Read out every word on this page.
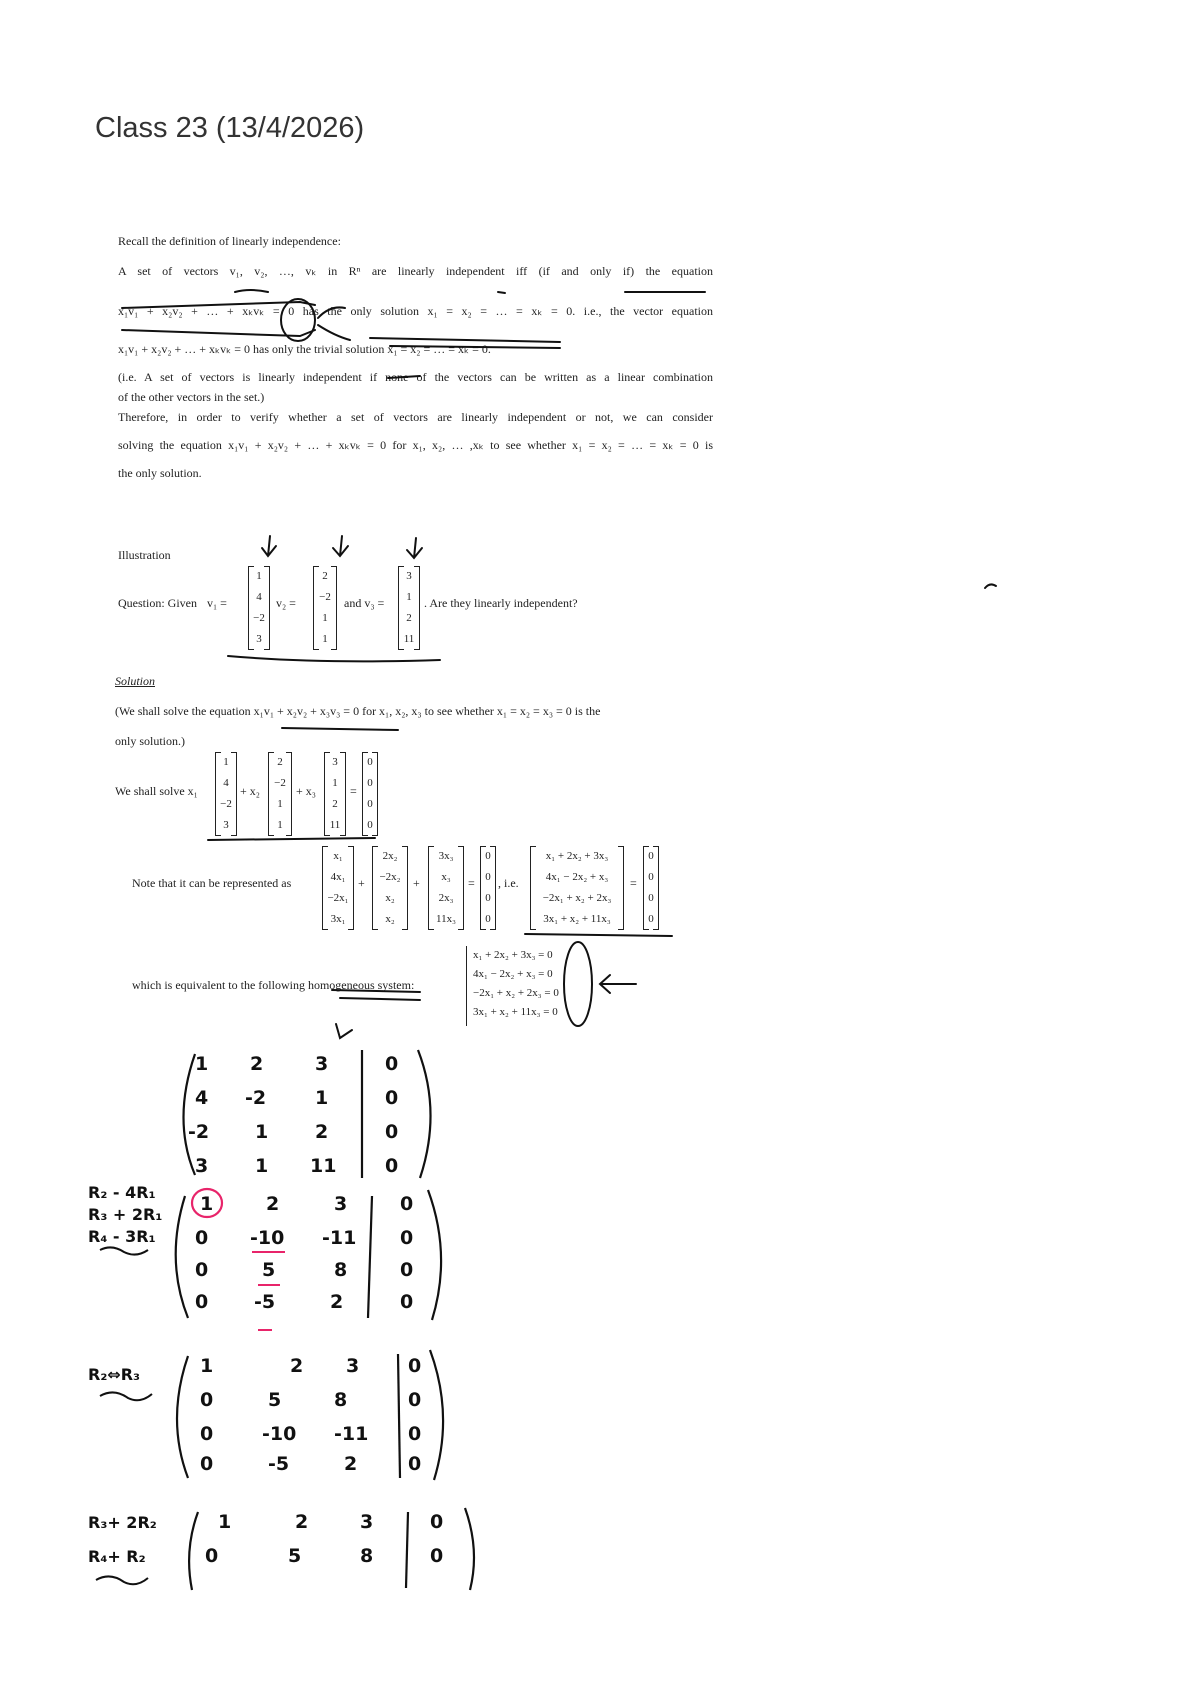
Class 23 (13/4/2026)
Recall the definition of linearly independence:
A set of vectors v₁, v₂, …, vₖ in Rⁿ are linearly independent iff (if and only if) the equation
x₁v₁ + x₂v₂ + … + xₖvₖ = 0 has the only solution x₁ = x₂ = … = xₖ = 0. i.e., the vector equation
x₁v₁ + x₂v₂ + … + xₖvₖ = 0 has only the trivial solution x₁ = x₂ = … = xₖ = 0.
(i.e. A set of vectors is linearly independent if none of the vectors can be written as a linear combination
of the other vectors in the set.)
Therefore, in order to verify whether a set of vectors are linearly independent or not, we can consider
solving the equation x₁v₁ + x₂v₂ + … + xₖvₖ = 0 for x₁, x₂, … ,xₖ to see whether x₁ = x₂ = … = xₖ = 0 is
the only solution.
Illustration
Question: Given v₁ =
1
4
−2
3
v₂ =
2
−2
1
1
and v₃ =
3
1
2
11
. Are they linearly independent?
Solution
(We shall solve the equation x₁v₁ + x₂v₂ + x₃v₃ = 0 for x₁, x₂, x₃ to see whether x₁ = x₂ = x₃ = 0 is the
only solution.)
We shall solve x₁
1
4
−2
3
+ x₂
2
−2
1
1
+ x₃
3
1
2
11
=
0
0
0
0
Note that it can be represented as
x₁
4x₁
−2x₁
3x₁
+
2x₂
−2x₂
x₂
x₂
+
3x₃
x₃
2x₃
11x₃
=
0
0
0
0
, i.e.
x₁ + 2x₂ + 3x₃
4x₁ − 2x₂ + x₃
−2x₁ + x₂ + 2x₃
3x₁ + x₂ + 11x₃
=
0
0
0
0
which is equivalent to the following homogeneous system:
x₁ + 2x₂ + 3x₃ = 0
4x₁ − 2x₂ + x₃ = 0
−2x₁ + x₂ + 2x₃ = 0
3x₁ + x₂ + 11x₃ = 0
1 2	3	0
4 -2	1	0
-2 1 2	0
3 1 11	0
R₂ - 4R₁
R₃ + 2R₁
R₄ - 3R₁
1	2	3	0
0 -10 -11 0
0	5	8	0
0 -5	2	0
R₂⇔R₃	1	2 3	0
0	5	8	0
0	-10 -11 0
0	-5	2	0
R₃+ 2R₂
R₄+ R₂
1	2	3	0
0	5	8	0
